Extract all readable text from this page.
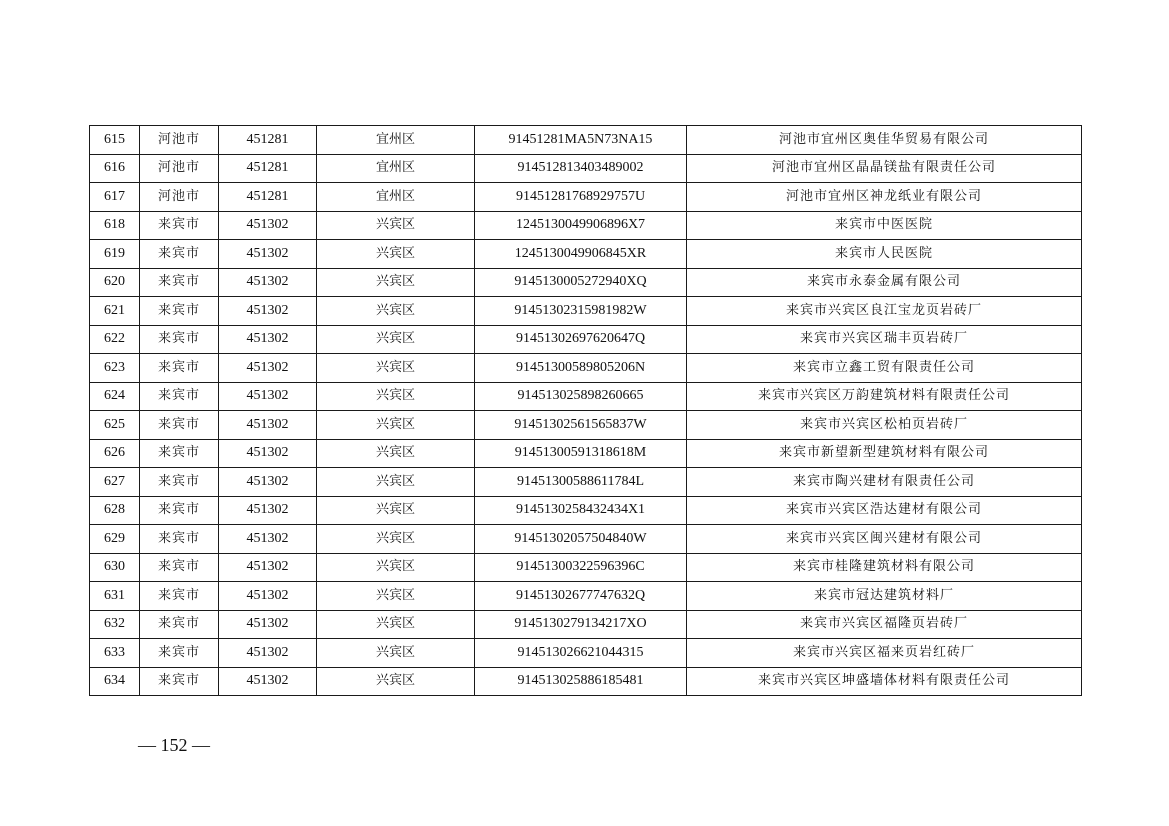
615	河池市	451281	宜州区	91451281MA5N73NA15	河池市宜州区奥佳华贸易有限公司
616	河池市	451281	宜州区	914512813403489002	河池市宜州区晶晶镁盐有限责任公司
617	河池市	451281	宜州区	91451281768929757U	河池市宜州区神龙纸业有限公司
618	来宾市	451302	兴宾区	1245130049906896X7	来宾市中医医院
619	来宾市	451302	兴宾区	1245130049906845XR	来宾市人民医院
620	来宾市	451302	兴宾区	9145130005272940XQ	来宾市永泰金属有限公司
621	来宾市	451302	兴宾区	91451302315981982W	来宾市兴宾区良江宝龙页岩砖厂
622	来宾市	451302	兴宾区	91451302697620647Q	来宾市兴宾区瑞丰页岩砖厂
623	来宾市	451302	兴宾区	91451300589805206N	来宾市立鑫工贸有限责任公司
624	来宾市	451302	兴宾区	914513025898260665	来宾市兴宾区万韵建筑材料有限责任公司
625	来宾市	451302	兴宾区	91451302561565837W	来宾市兴宾区松柏页岩砖厂
626	来宾市	451302	兴宾区	91451300591318618M	来宾市新望新型建筑材料有限公司
627	来宾市	451302	兴宾区	91451300588611784L	来宾市陶兴建材有限责任公司
628	来宾市	451302	兴宾区	9145130258432434X1	来宾市兴宾区浩达建材有限公司
629	来宾市	451302	兴宾区	91451302057504840W	来宾市兴宾区闽兴建材有限公司
630	来宾市	451302	兴宾区	91451300322596396C	来宾市桂隆建筑材料有限公司
631	来宾市	451302	兴宾区	91451302677747632Q	来宾市冠达建筑材料厂
632	来宾市	451302	兴宾区	9145130279134217XO	来宾市兴宾区福隆页岩砖厂
633	来宾市	451302	兴宾区	914513026621044315	来宾市兴宾区福来页岩红砖厂
634	来宾市	451302	兴宾区	914513025886185481	来宾市兴宾区坤盛墙体材料有限责任公司
— 152 —
